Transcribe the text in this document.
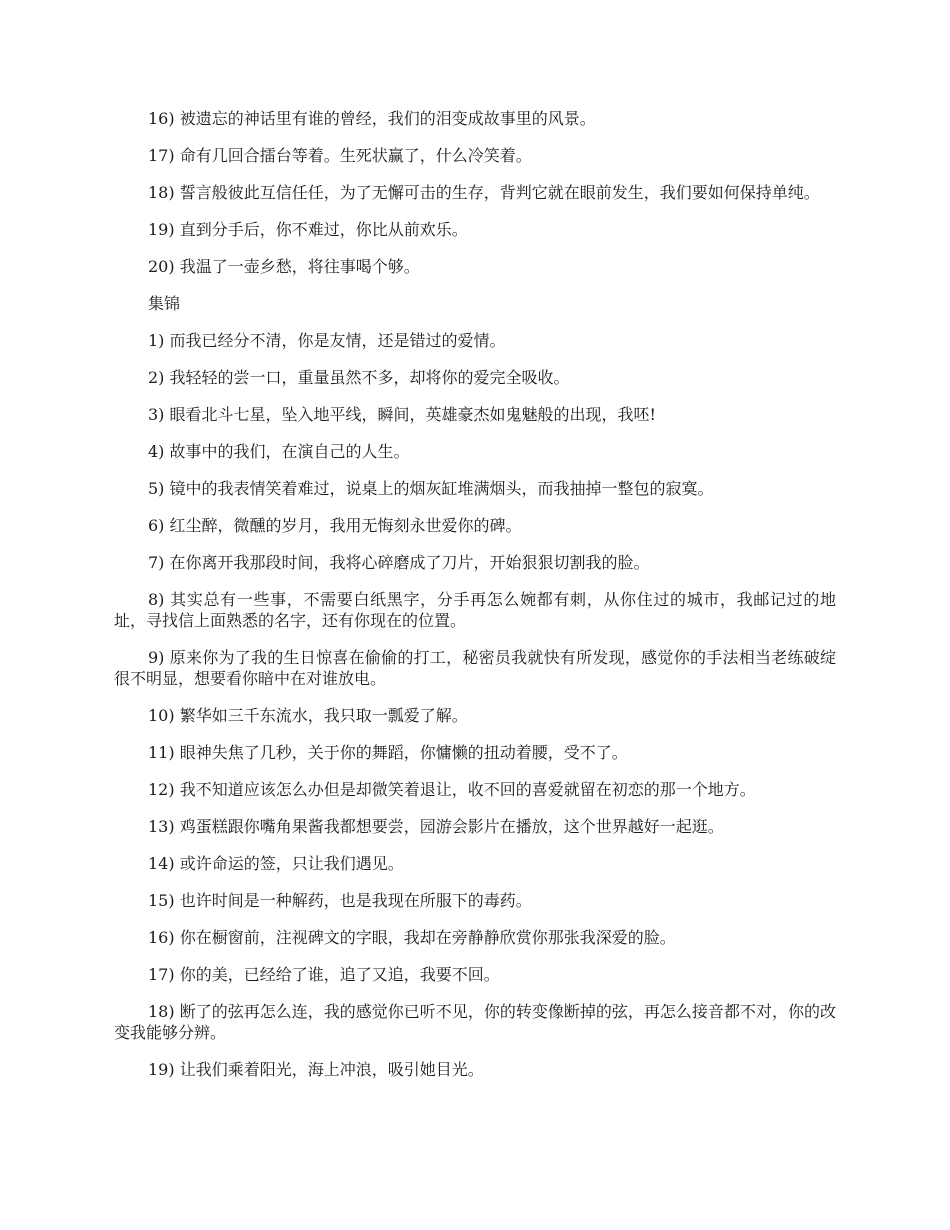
16) 被遗忘的神话里有谁的曾经，我们的泪变成故事里的风景。

17) 命有几回合擂台等着。生死状赢了，什么冷笑着。

18) 誓言般彼此互信任任，为了无懈可击的生存，背判它就在眼前发生，我们要如何保持单纯。

19) 直到分手后，你不难过，你比从前欢乐。

20) 我温了一壶乡愁，将往事喝个够。

集锦

1) 而我已经分不清，你是友情，还是错过的爱情。

2) 我轻轻的尝一口，重量虽然不多，却将你的爱完全吸收。

3) 眼看北斗七星，坠入地平线，瞬间，英雄豪杰如鬼魅般的出现，我呸!

4) 故事中的我们，在演自己的人生。

5) 镜中的我表情笑着难过，说桌上的烟灰缸堆满烟头，而我抽掉一整包的寂寞。

6) 红尘醉，微醺的岁月，我用无悔刻永世爱你的碑。

7) 在你离开我那段时间，我将心碎磨成了刀片，开始狠狠切割我的脸。

8) 其实总有一些事，不需要白纸黑字，分手再怎么婉都有刺，从你住过的城市，我邮记过的地址，寻找信上面熟悉的名字，还有你现在的位置。

9) 原来你为了我的生日惊喜在偷偷的打工，秘密员我就快有所发现，感觉你的手法相当老练破绽很不明显，想要看你暗中在对谁放电。

10) 繁华如三千东流水，我只取一瓢爱了解。

11) 眼神失焦了几秒，关于你的舞蹈，你慵懒的扭动着腰，受不了。

12) 我不知道应该怎么办但是却微笑着退让，收不回的喜爱就留在初恋的那一个地方。

13) 鸡蛋糕跟你嘴角果酱我都想要尝，园游会影片在播放，这个世界越好一起逛。

14) 或许命运的签，只让我们遇见。

15) 也许时间是一种解药，也是我现在所服下的毒药。

16) 你在橱窗前，注视碑文的字眼，我却在旁静静欣赏你那张我深爱的脸。

17) 你的美，已经给了谁，追了又追，我要不回。

18) 断了的弦再怎么连，我的感觉你已听不见，你的转变像断掉的弦，再怎么接音都不对，你的改变我能够分辨。

19) 让我们乘着阳光，海上冲浪，吸引她目光。
